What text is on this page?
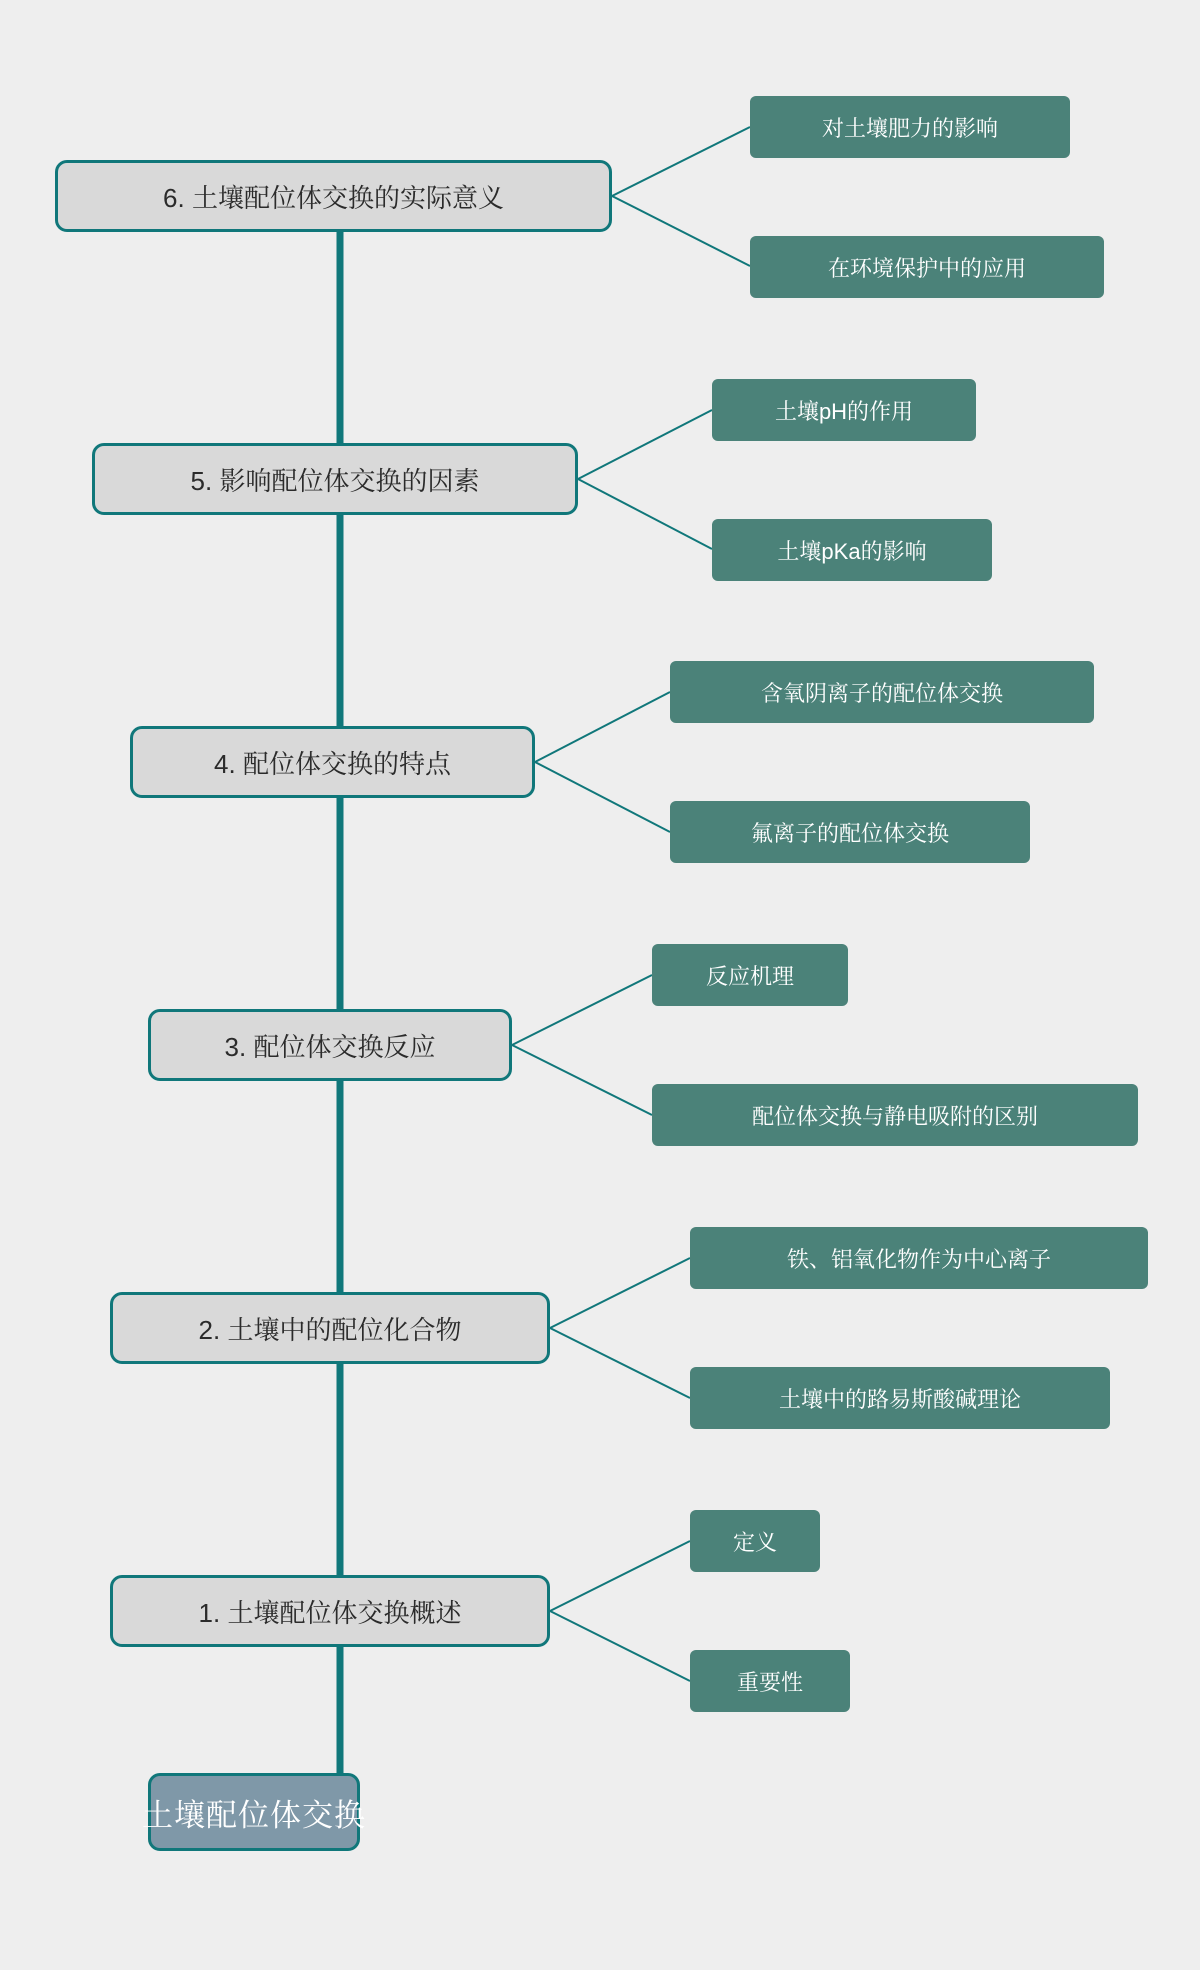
土壤配位体交换
6. 土壤配位体交换的实际意义
对土壤肥力的影响
在环境保护中的应用
5. 影响配位体交换的因素
土壤pH的作用
土壤pKa的影响
4. 配位体交换的特点
含氧阴离子的配位体交换
氟离子的配位体交换
3. 配位体交换反应
反应机理
配位体交换与静电吸附的区别
2. 土壤中的配位化合物
铁、铝氧化物作为中心离子
土壤中的路易斯酸碱理论
1. 土壤配位体交换概述
定义
重要性
